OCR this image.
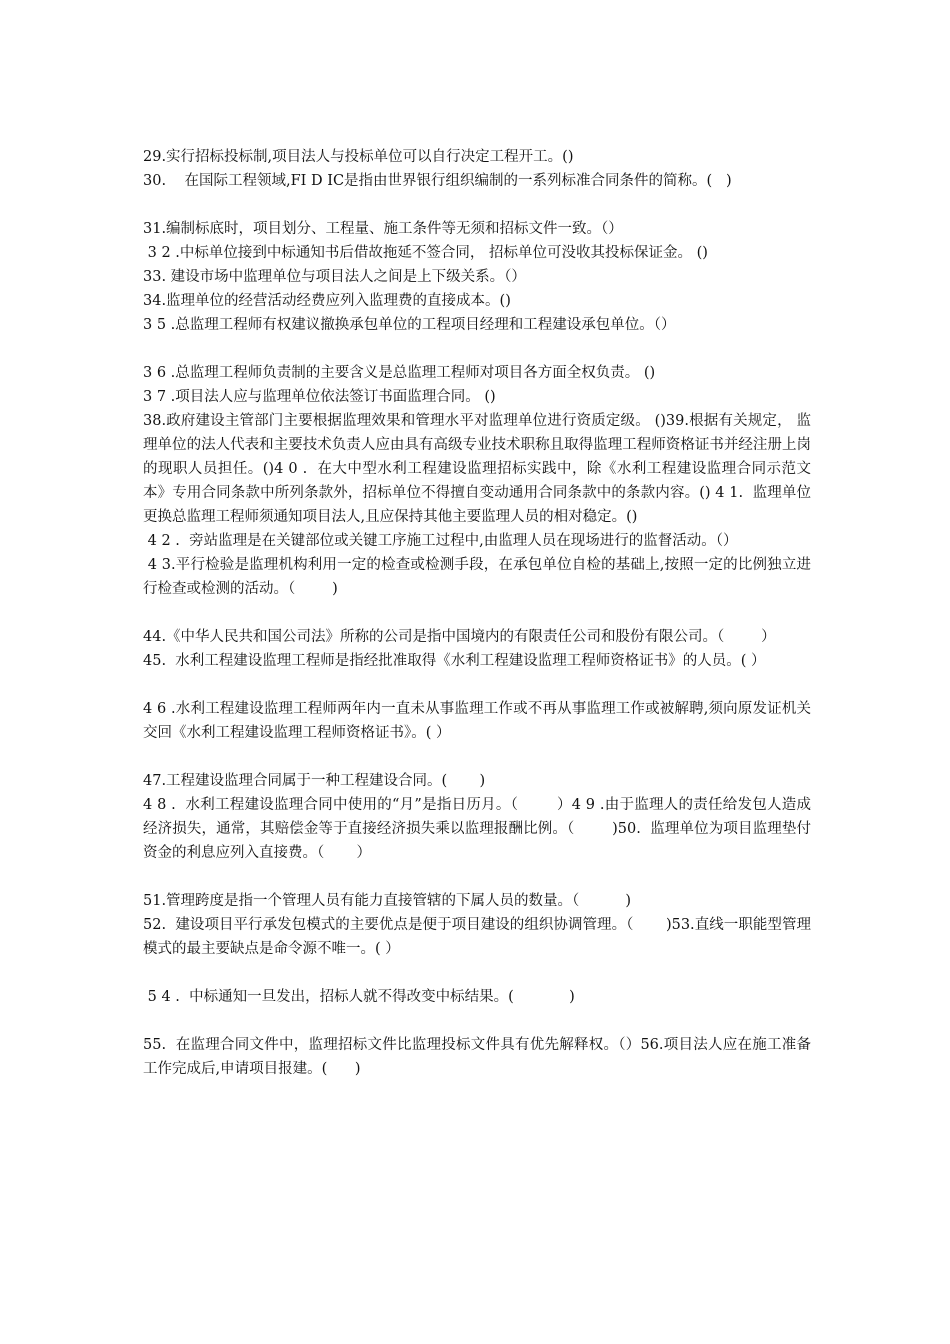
29.实行招标投标制,项目法人与投标单位可以自行决定工程开工。()

30.    在国际工程领域,FI D IC是指由世界银行组织编制的一系列标准合同条件的简称。(   )

31.编制标底时，项目划分、工程量、施工条件等无须和招标文件一致。（）

3 2 .中标单位接到中标通知书后借故拖延不签合同， 招标单位可没收其投标保证金。 ()

33. 建设市场中监理单位与项目法人之间是上下级关系。（）

34.监理单位的经营活动经费应列入监理费的直接成本。()

3 5 .总监理工程师有权建议撤换承包单位的工程项目经理和工程建设承包单位。（）

3 6 .总监理工程师负责制的主要含义是总监理工程师对项目各方面全权负责。 ()

3 7 .项目法人应与监理单位依法签订书面监理合同。 ()

38.政府建设主管部门主要根据监理效果和管理水平对监理单位进行资质定级。 ()39.根据有关规定， 监理单位的法人代表和主要技术负责人应由具有高级专业技术职称且取得监理工程师资格证书并经注册上岗的现职人员担任。()4 0 .  在大中型水利工程建设监理招标实践中，除《水利工程建设监理合同示范文本》专用合同条款中所列条款外，招标单位不得擅自变动通用合同条款中的条款内容。() 4 1.  监理单位更换总监理工程师须通知项目法人,且应保持其他主要监理人员的相对稳定。()

4 2 .  旁站监理是在关键部位或关键工序施工过程中,由监理人员在现场进行的监督活动。（）

4 3.平行检验是监理机构利用一定的检查或检测手段，在承包单位自检的基础上,按照一定的比例独立进行检查或检测的活动。（        )

44.《中华人民共和国公司法》所称的公司是指中国境内的有限责任公司和股份有限公司。（        ）

45.  水利工程建设监理工程师是指经批准取得《水利工程建设监理工程师资格证书》的人员。( ）

4 6 .水利工程建设监理工程师两年内一直未从事监理工作或不再从事监理工作或被解聘,须向原发证机关交回《水利工程建设监理工程师资格证书》。( ）

47.工程建设监理合同属于一种工程建设合同。(       )

4 8 .  水利工程建设监理合同中使用的“月”是指日历月。（        ）4 9 .由于监理人的责任给发包人造成经济损失，通常，其赔偿金等于直接经济损失乘以监理报酬比例。（        )50.  监理单位为项目监理垫付资金的利息应列入直接费。（       ）

51.管理跨度是指一个管理人员有能力直接管辖的下属人员的数量。（          )

52.  建设项目平行承发包模式的主要优点是便于项目建设的组织协调管理。（       )53.直线一职能型管理模式的最主要缺点是命令源不唯一。( ）

5 4 .  中标通知一旦发出，招标人就不得改变中标结果。(            )

55.  在监理合同文件中，监理招标文件比监理投标文件具有优先解释权。（）56.项目法人应在施工准备工作完成后,申请项目报建。(      )
